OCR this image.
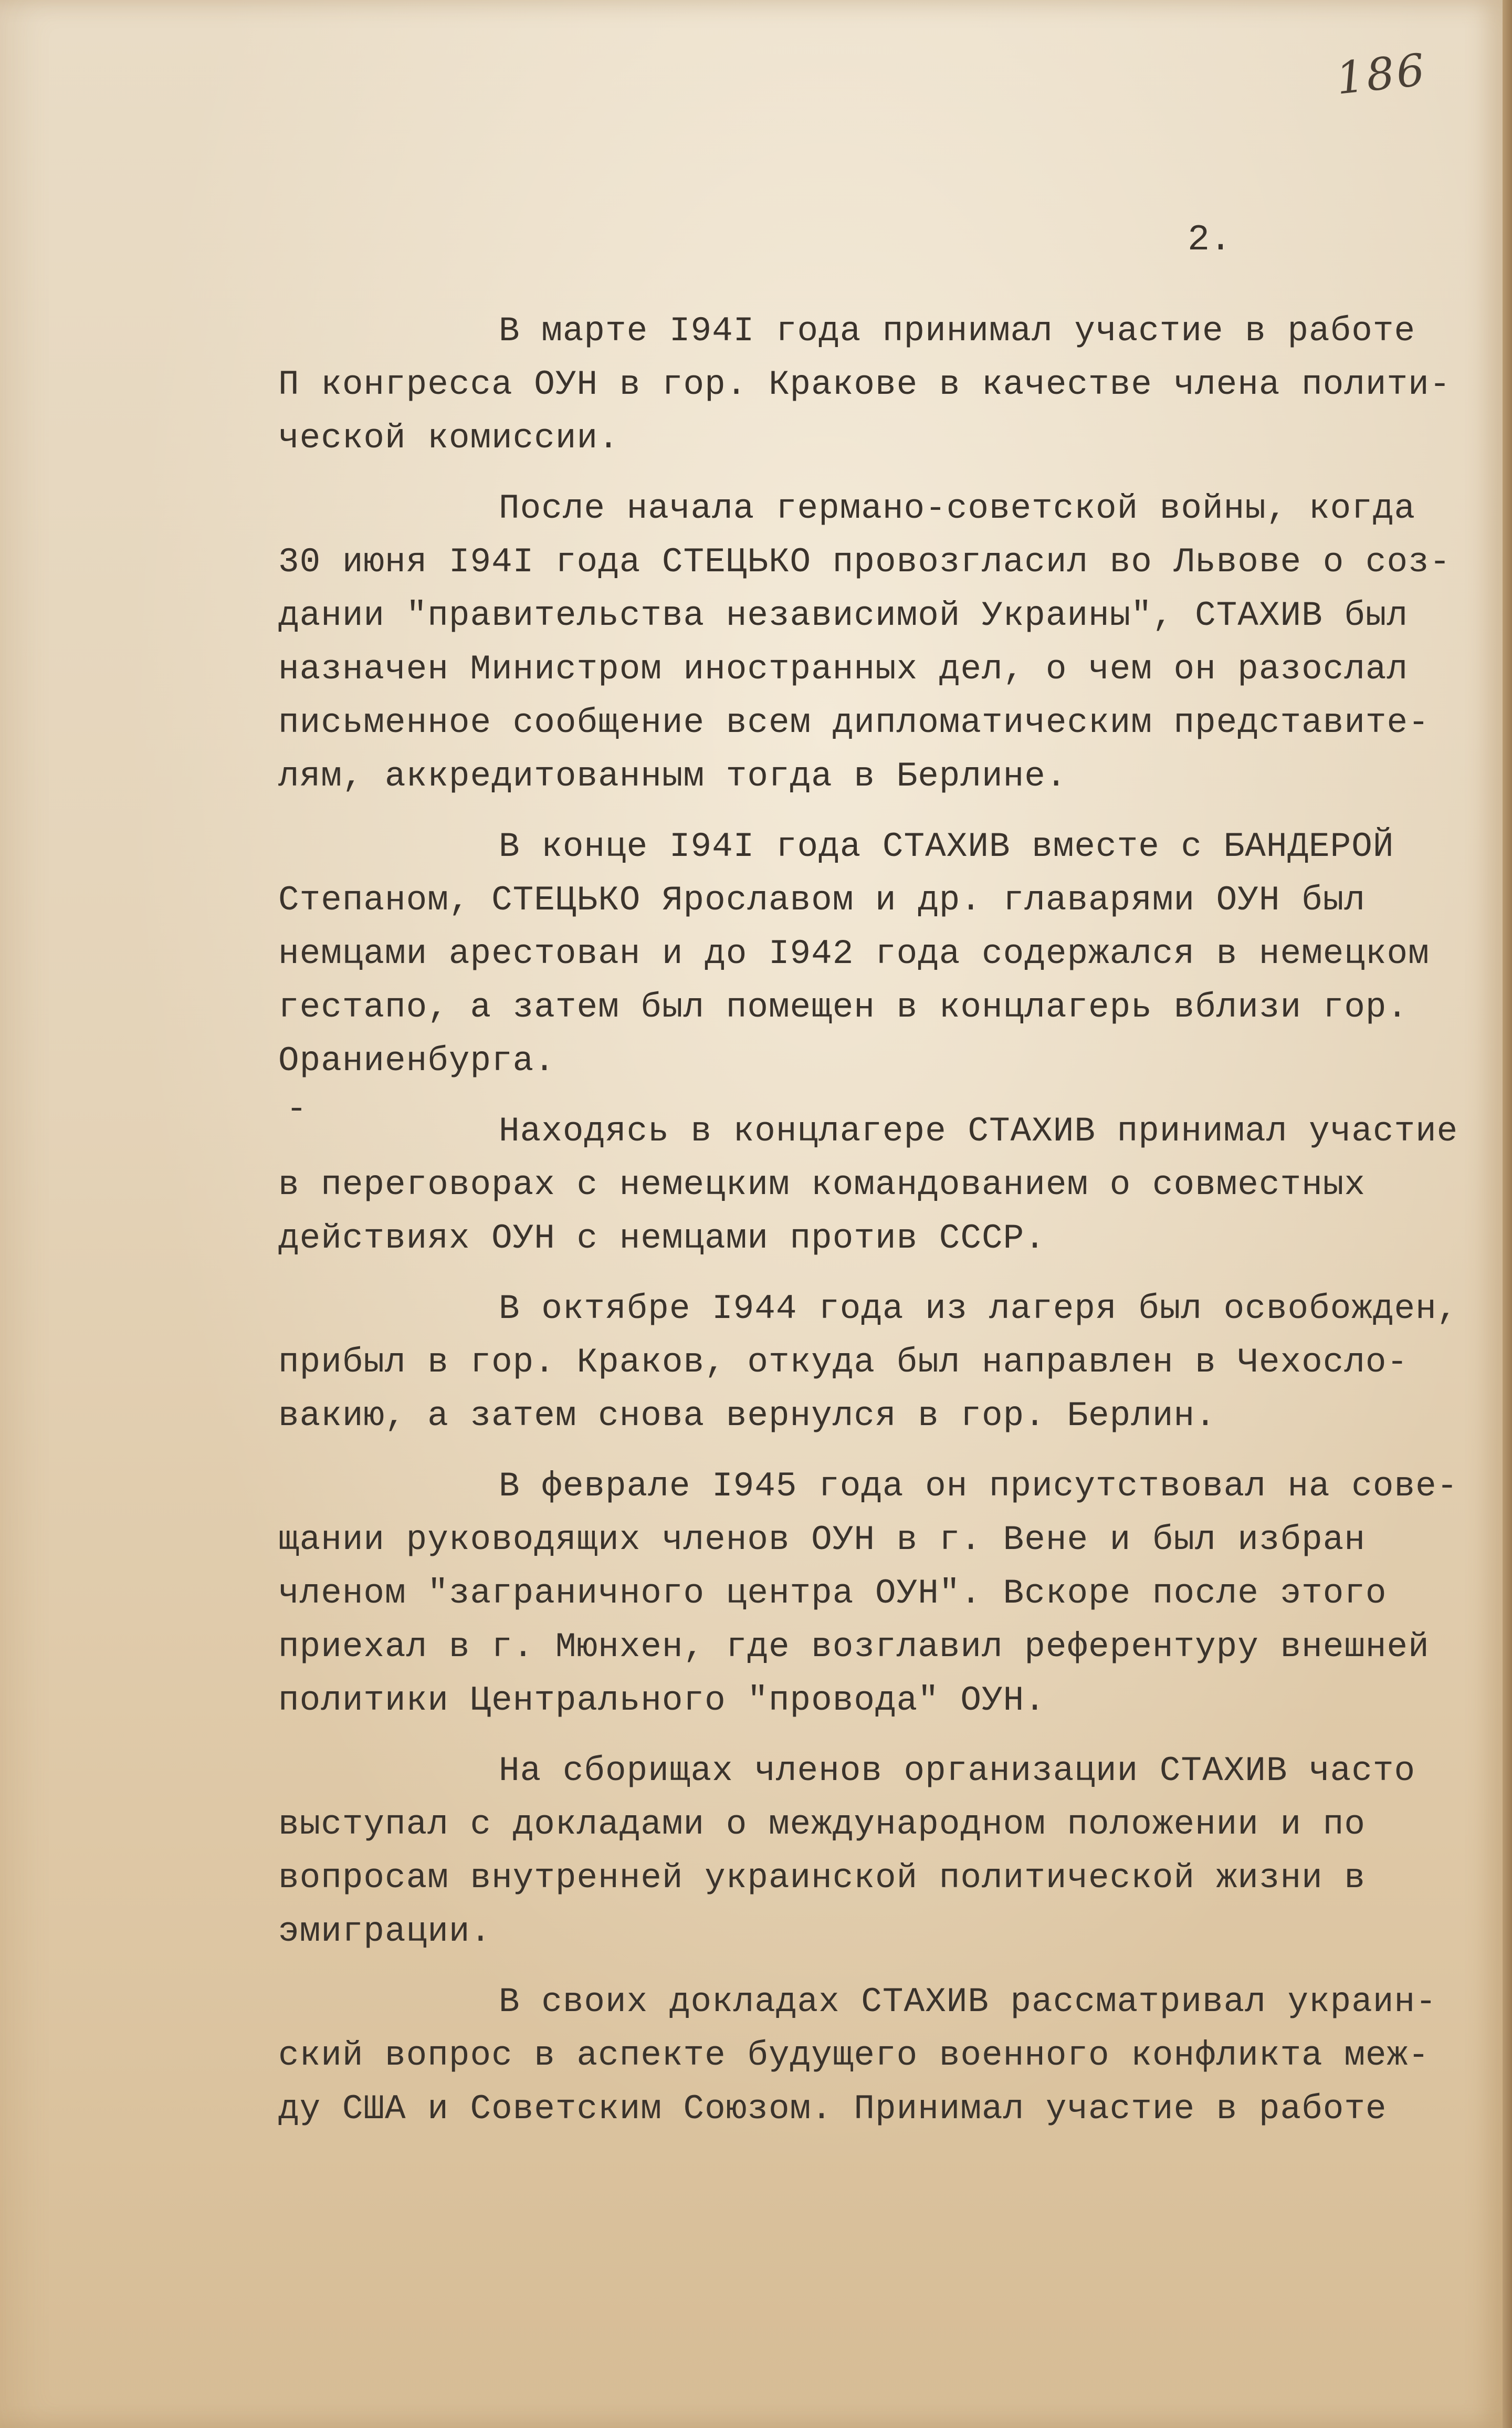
186
2.
-
В марте I94I года принимал участие в работе
П конгресса ОУН в гор. Кракове в качестве члена полити-
ческой комиссии.
После начала германо-советской войны, когда
30 июня I94I года СТЕЦЬКО провозгласил во Львове о соз-
дании "правительства независимой Украины", СТАХИВ был
назначен Министром иностранных дел, о чем он разослал
письменное сообщение всем дипломатическим представите-
лям, аккредитованным тогда в Берлине.
В конце I94I года СТАХИВ вместе с БАНДЕРОЙ
Степаном, СТЕЦЬКО Ярославом и др. главарями ОУН был
немцами арестован и до I942 года содержался в немецком
гестапо, а затем был помещен в концлагерь вблизи гор.
Ораниенбурга.
Находясь в концлагере СТАХИВ принимал участие
в переговорах с немецким командованием о совместных
действиях ОУН с немцами против СССР.
В октябре I944 года из лагеря был освобожден,
прибыл в гор. Краков, откуда был направлен в Чехосло-
вакию, а затем снова вернулся в гор. Берлин.
В феврале I945 года он присутствовал на сове-
щании руководящих членов ОУН в г. Вене и был избран
членом "заграничного центра ОУН". Вскоре после этого
приехал в г. Мюнхен, где возглавил референтуру внешней
политики Центрального "провода" ОУН.
На сборищах членов организации СТАХИВ часто
выступал с докладами о международном положении и по
вопросам внутренней украинской политической жизни в
эмиграции.
В своих докладах СТАХИВ рассматривал украин-
ский вопрос в аспекте будущего военного конфликта меж-
ду США и Советским Союзом. Принимал участие в работе
